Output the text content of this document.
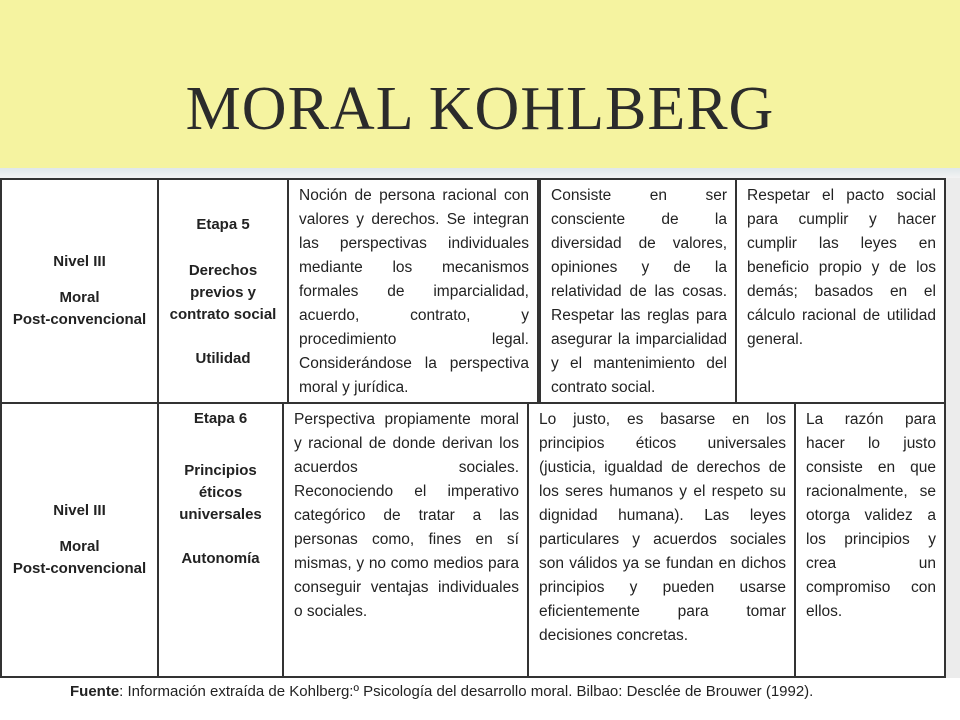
MORAL KOHLBERG
Nivel III
Moral
Post-convencional
Etapa 5
Derechos previos y contrato social
Utilidad

Noción de persona racional con valores y derechos. Se integran las perspectivas individuales mediante los mecanismos formales de imparcialidad, acuerdo, contrato, y procedimiento legal. Considerándose la perspectiva moral y jurídica.

Consiste en ser consciente de la diversidad de valores, opiniones y de la relatividad de las cosas. Respetar las reglas para asegurar la imparcialidad y el mantenimiento del contrato social.

Respetar el pacto social para cumplir y hacer cumplir las leyes en beneficio propio y de los demás; basados en el cálculo racional de utilidad general.

Nivel III
Moral
Post-convencional
Etapa 6
Principios éticos universales
Autonomía

Perspectiva propiamente moral y racional de donde derivan los acuerdos sociales. Reconociendo el imperativo categórico de tratar a las personas como, fines en sí mismas, y no como medios para conseguir ventajas individuales o sociales.

Lo justo, es basarse en los principios éticos universales (justicia, igualdad de derechos de los seres humanos y el respeto su dignidad humana). Las leyes particulares y acuerdos sociales son válidos ya se fundan en dichos principios y pueden usarse eficientemente para tomar decisiones concretas.

La razón para hacer lo justo consiste en que racionalmente, se otorga validez a los principios y crea un compromiso con ellos.

Fuente: Información extraída de Kohlberg:º Psicología del desarrollo moral. Bilbao: Desclée de Brouwer (1992).
